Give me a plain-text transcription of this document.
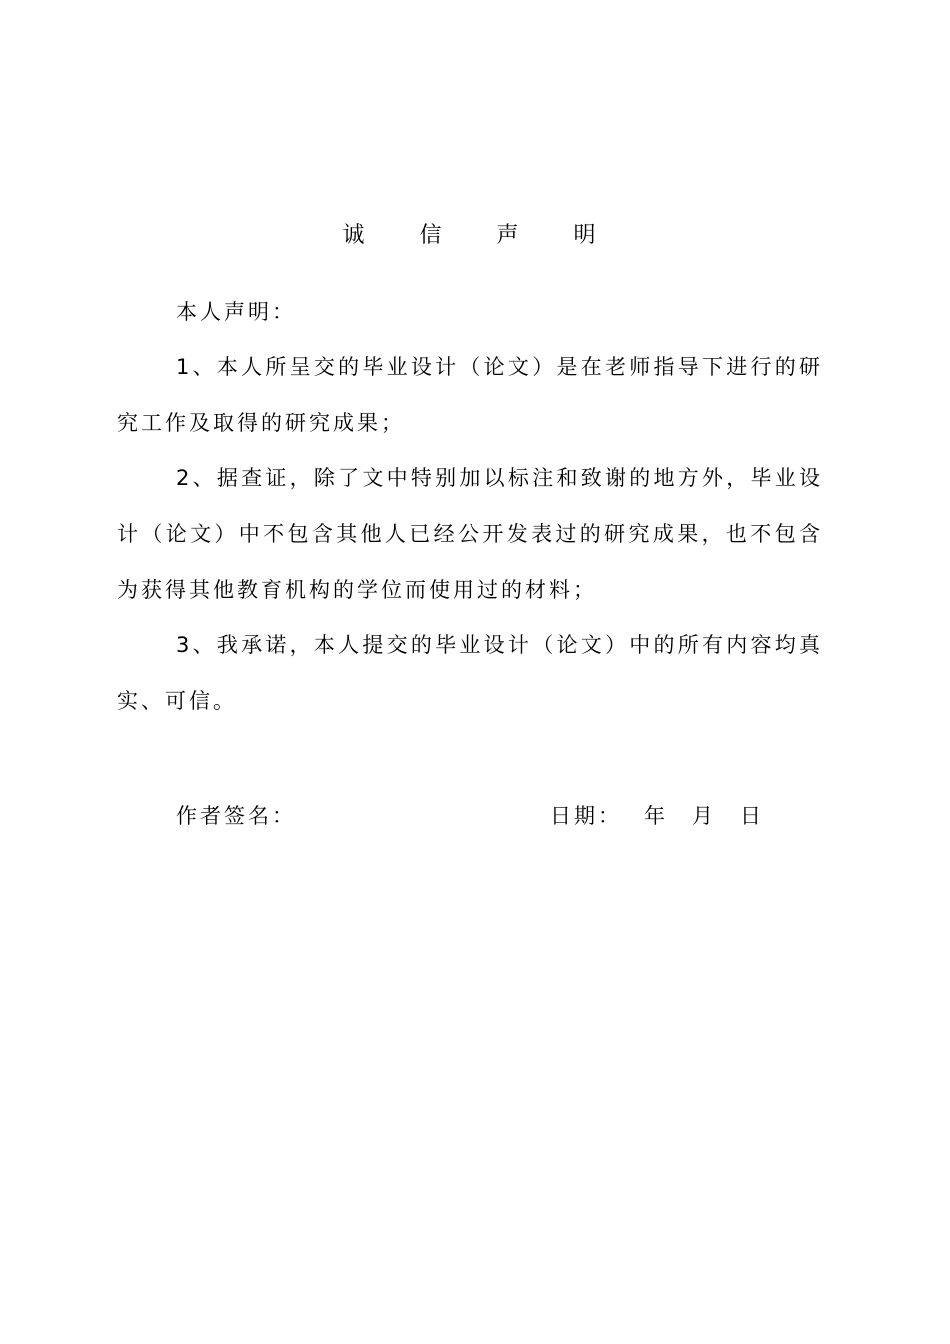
诚 信 声 明
本人声明：
1、本人所呈交的毕业设计（论文）是在老师指导下进行的研究工作及取得的研究成果；
2、据查证，除了文中特别加以标注和致谢的地方外，毕业设计（论文）中不包含其他人已经公开发表过的研究成果，也不包含为获得其他教育机构的学位而使用过的材料；
3、我承诺，本人提交的毕业设计（论文）中的所有内容均真实、可信。
作者签名：	日期： 年 月 日
